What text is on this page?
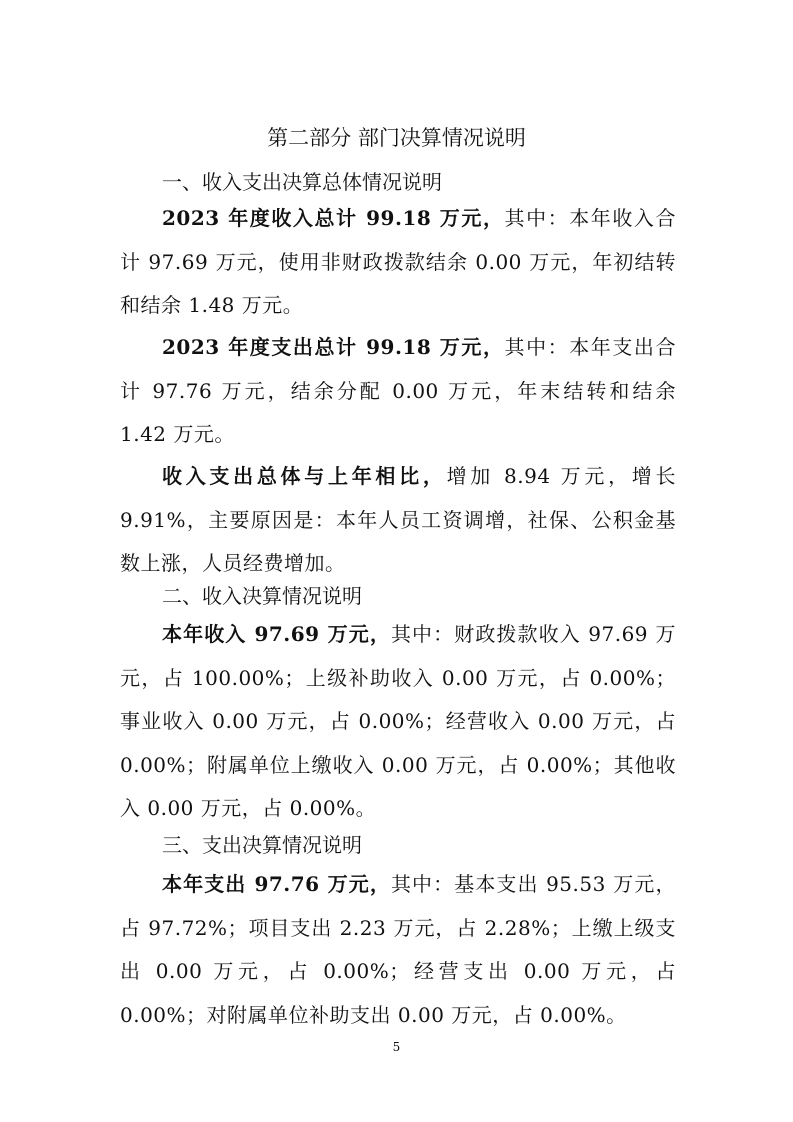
第二部分 部门决算情况说明
一、收入支出决算总体情况说明

2023 年度收入总计 99.18 万元，其中：本年收入合计 97.69 万元，使用非财政拨款结余 0.00 万元，年初结转和结余 1.48 万元。

2023 年度支出总计 99.18 万元，其中：本年支出合计 97.76 万元，结余分配 0.00 万元，年末结转和结余 1.42 万元。

收入支出总体与上年相比，增加 8.94 万元，增长 9.91%，主要原因是：本年人员工资调增，社保、公积金基数上涨，人员经费增加。

二、收入决算情况说明

本年收入 97.69 万元，其中：财政拨款收入 97.69 万元，占 100.00%；上级补助收入 0.00 万元，占 0.00%；事业收入 0.00 万元，占 0.00%；经营收入 0.00 万元，占 0.00%；附属单位上缴收入 0.00 万元，占 0.00%；其他收入 0.00 万元，占 0.00%。

三、支出决算情况说明

本年支出 97.76 万元，其中：基本支出 95.53 万元，占 97.72%；项目支出 2.23 万元，占 2.28%；上缴上级支出 0.00 万元，占 0.00%；经营支出 0.00 万元，占 0.00%；对附属单位补助支出 0.00 万元，占 0.00%。

5
